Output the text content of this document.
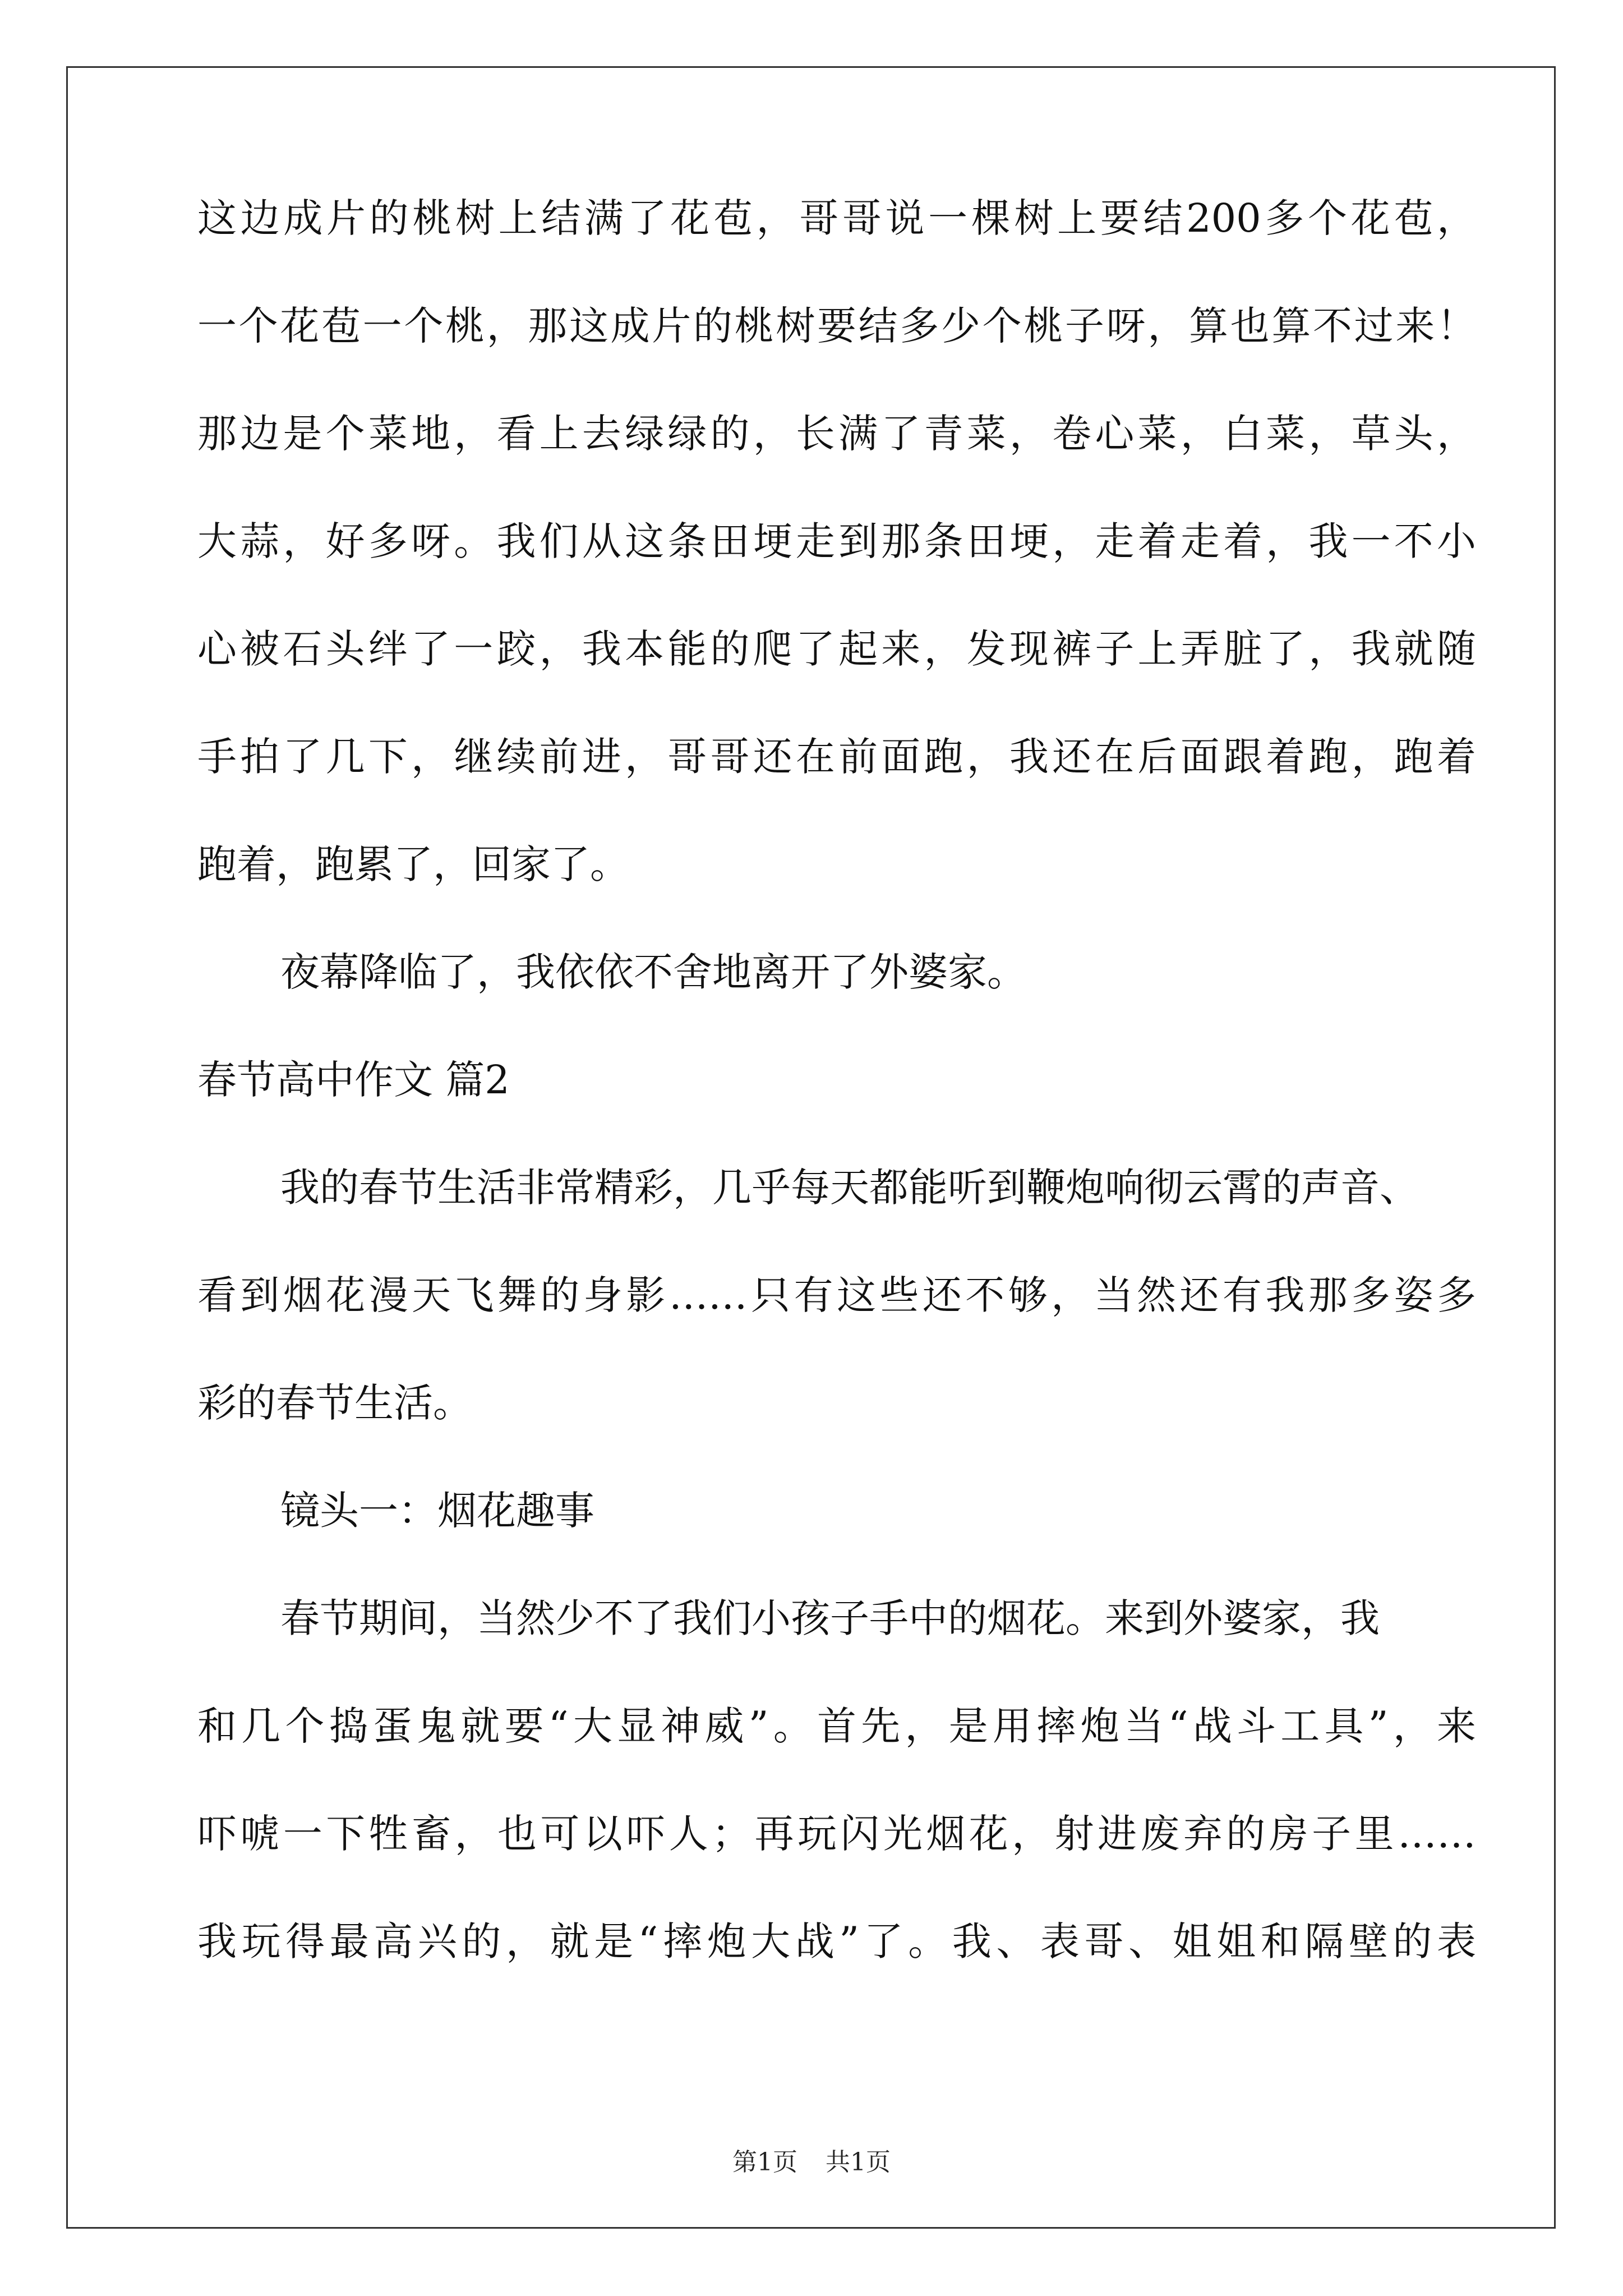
这边成片的桃树上结满了花苞，哥哥说一棵树上要结200多个花苞，
一个花苞一个桃，那这成片的桃树要结多少个桃子呀，算也算不过来！
那边是个菜地，看上去绿绿的，长满了青菜，卷心菜，白菜，草头，
大蒜，好多呀。我们从这条田埂走到那条田埂，走着走着，我一不小
心被石头绊了一跤，我本能的爬了起来，发现裤子上弄脏了，我就随
手拍了几下，继续前进，哥哥还在前面跑，我还在后面跟着跑，跑着
跑着，跑累了，回家了。
夜幕降临了，我依依不舍地离开了外婆家。
春节高中作文 篇2
我的春节生活非常精彩，几乎每天都能听到鞭炮响彻云霄的声音、
看到烟花漫天飞舞的身影……只有这些还不够，当然还有我那多姿多
彩的春节生活。
镜头一：烟花趣事
春节期间，当然少不了我们小孩子手中的烟花。来到外婆家，我
和几个捣蛋鬼就要“大显神威”。首先，是用摔炮当“战斗工具”，来
吓唬一下牲畜，也可以吓人；再玩闪光烟花，射进废弃的房子里……
我玩得最高兴的，就是“摔炮大战”了。我、表哥、姐姐和隔壁的表
第1页 共1页
